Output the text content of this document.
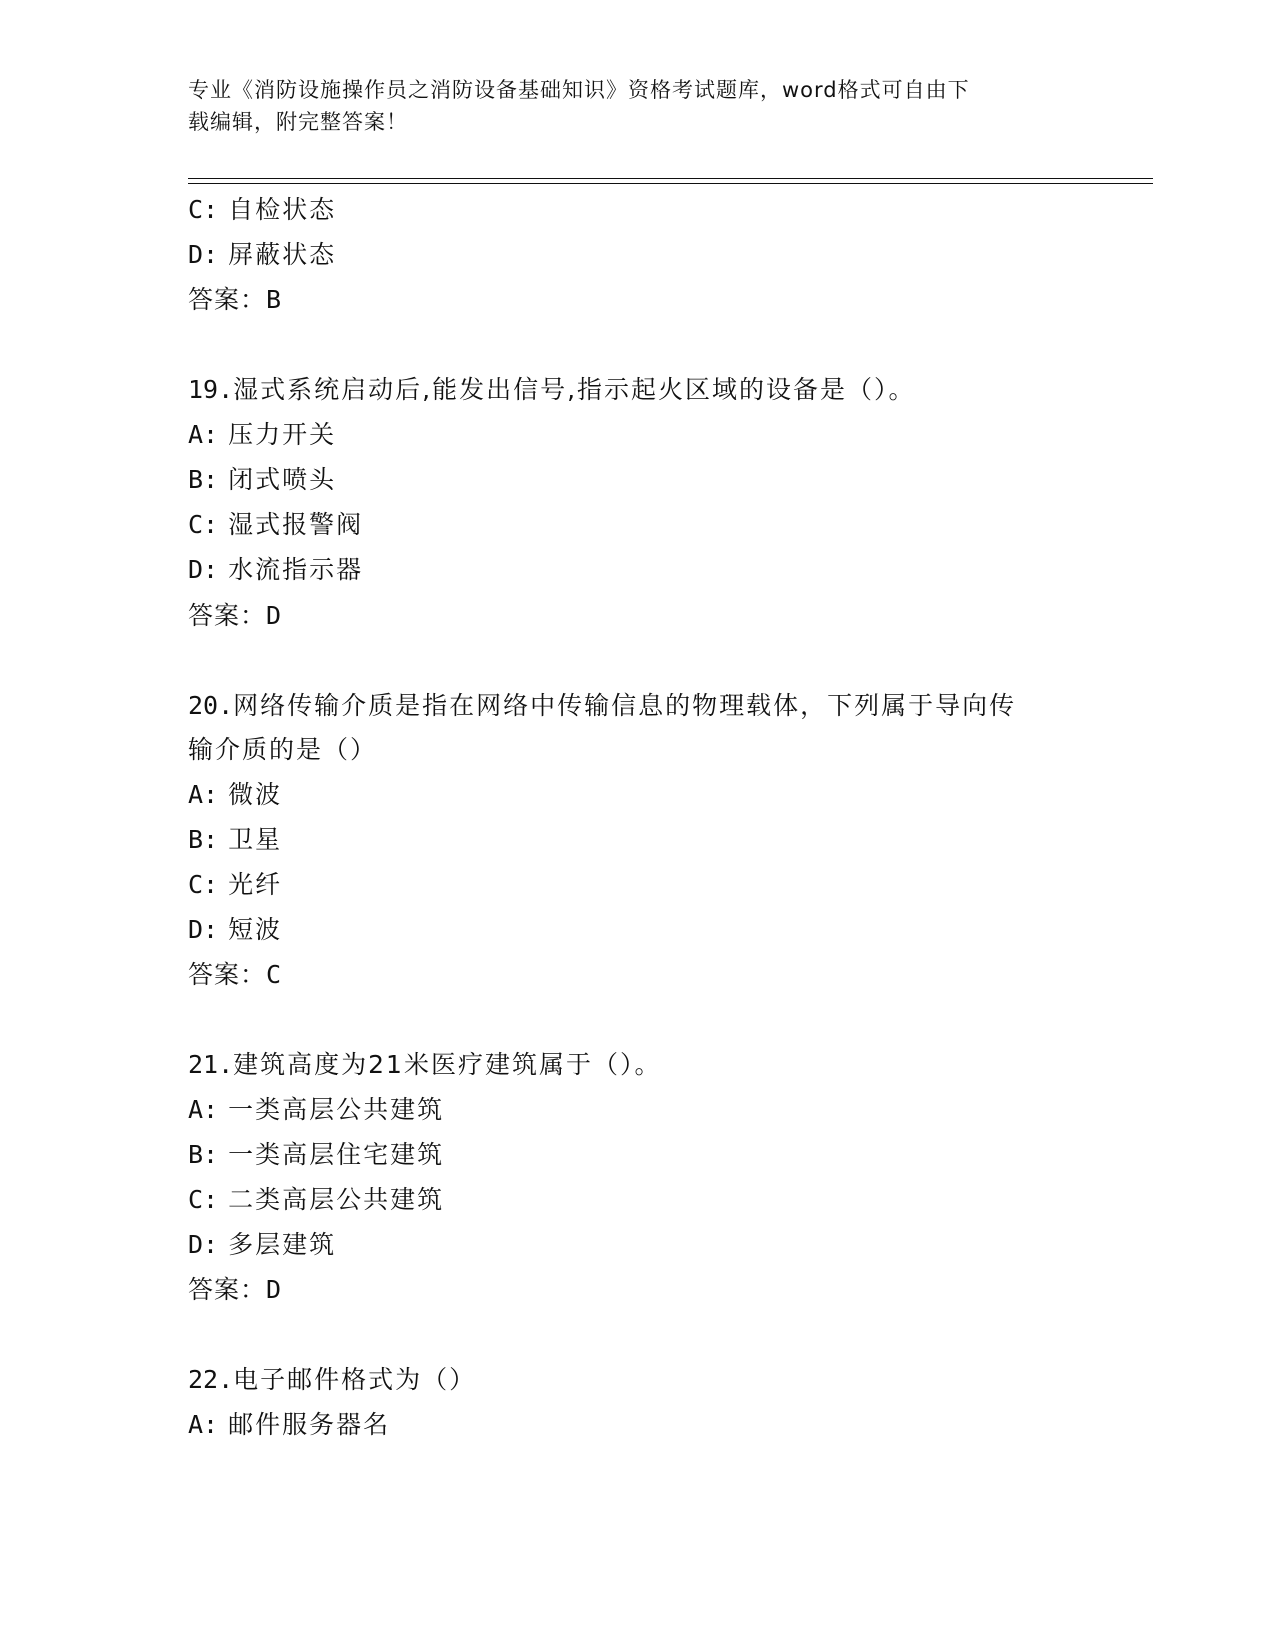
专业《消防设施操作员之消防设备基础知识》资格考试题库，word格式可自由下
载编辑，附完整答案！
C: 自检状态
D: 屏蔽状态
答案：B
19.湿式系统启动后,能发出信号,指示起火区域的设备是（）。
A: 压力开关
B: 闭式喷头
C: 湿式报警阀
D: 水流指示器
答案：D
20.网络传输介质是指在网络中传输信息的物理载体，下列属于导向传
输介质的是（）
A: 微波
B: 卫星
C: 光纤
D: 短波
答案：C
21.建筑高度为21米医疗建筑属于（）。
A: 一类高层公共建筑
B: 一类高层住宅建筑
C: 二类高层公共建筑
D: 多层建筑
答案：D
22.电子邮件格式为（）
A: 邮件服务器名
